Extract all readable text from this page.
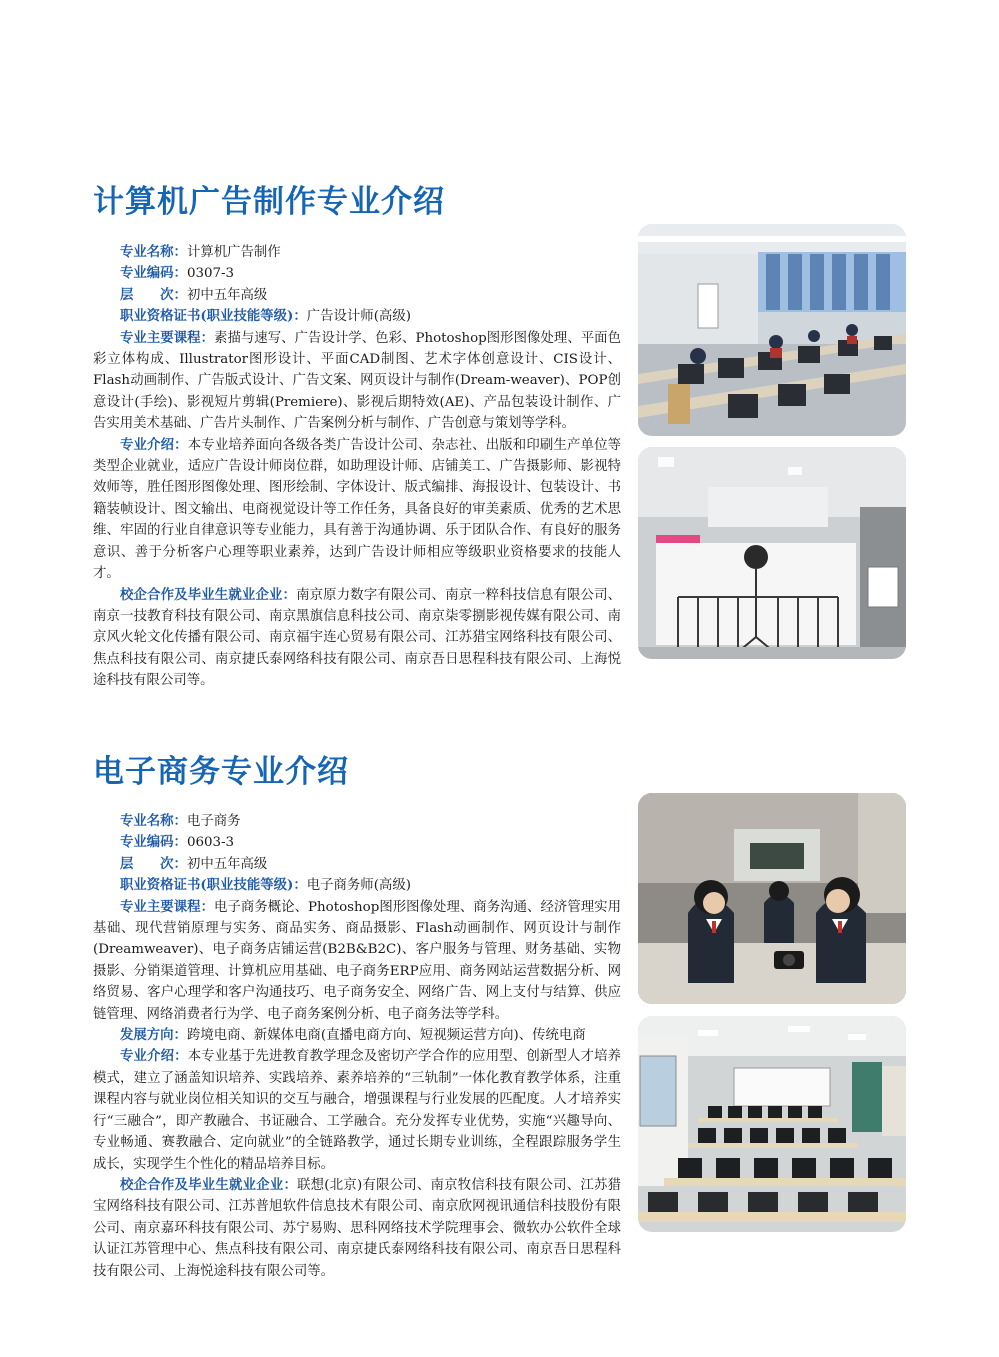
计算机广告制作专业介绍

专业名称：计算机广告制作

专业编码：0307-3

层　　次：初中五年高级

职业资格证书(职业技能等级)：广告设计师(高级)

专业主要课程：素描与速写、广告设计学、色彩、Photoshop图形图像处理、平面色彩立体构成、Illustrator图形设计、平面CAD制图、艺术字体创意设计、CIS设计、Flash动画制作、广告版式设计、广告文案、网页设计与制作(Dream-weaver)、POP创意设计(手绘)、影视短片剪辑(Premiere)、影视后期特效(AE)、产品包装设计制作、广告实用美术基础、广告片头制作、广告案例分析与制作、广告创意与策划等学科。

专业介绍：本专业培养面向各级各类广告设计公司、杂志社、出版和印刷生产单位等类型企业就业，适应广告设计师岗位群，如助理设计师、店铺美工、广告摄影师、影视特效师等，胜任图形图像处理、图形绘制、字体设计、版式编排、海报设计、包装设计、书籍装帧设计、图文输出、电商视觉设计等工作任务，具备良好的审美素质、优秀的艺术思维、牢固的行业自律意识等专业能力，具有善于沟通协调、乐于团队合作、有良好的服务意识、善于分析客户心理等职业素养，达到广告设计师相应等级职业资格要求的技能人才。

校企合作及毕业生就业企业：南京原力数字有限公司、南京一粹科技信息有限公司、南京一技教育科技有限公司、南京黑旗信息科技公司、南京柒零捌影视传媒有限公司、南京风火轮文化传播有限公司、南京福宇连心贸易有限公司、江苏猎宝网络科技有限公司、焦点科技有限公司、南京捷氏泰网络科技有限公司、南京吾日思程科技有限公司、上海悦途科技有限公司等。

电子商务专业介绍

专业名称：电子商务

专业编码：0603-3

层　　次：初中五年高级

职业资格证书(职业技能等级)：电子商务师(高级)

专业主要课程：电子商务概论、Photoshop图形图像处理、商务沟通、经济管理实用基础、现代营销原理与实务、商品实务、商品摄影、Flash动画制作、网页设计与制作(Dreamweaver)、电子商务店铺运营(B2B&B2C)、客户服务与管理、财务基础、实物摄影、分销渠道管理、计算机应用基础、电子商务ERP应用、商务网站运营数据分析、网络贸易、客户心理学和客户沟通技巧、电子商务安全、网络广告、网上支付与结算、供应链管理、网络消费者行为学、电子商务案例分析、电子商务法等学科。

发展方向：跨境电商、新媒体电商(直播电商方向、短视频运营方向)、传统电商

专业介绍：本专业基于先进教育教学理念及密切产学合作的应用型、创新型人才培养模式，建立了涵盖知识培养、实践培养、素养培养的“三轨制”一体化教育教学体系，注重课程内容与就业岗位相关知识的交互与融合，增强课程与行业发展的匹配度。人才培养实行“三融合”，即产教融合、书证融合、工学融合。充分发挥专业优势，实施“兴趣导向、专业畅通、赛教融合、定向就业”的全链路教学，通过长期专业训练，全程跟踪服务学生成长，实现学生个性化的精品培养目标。

校企合作及毕业生就业企业：联想(北京)有限公司、南京牧信科技有限公司、江苏猎宝网络科技有限公司、江苏普旭软件信息技术有限公司、南京欣网视讯通信科技股份有限公司、南京嘉环科技有限公司、苏宁易购、思科网络技术学院理事会、微软办公软件全球认证江苏管理中心、焦点科技有限公司、南京捷氏泰网络科技有限公司、南京吾日思程科技有限公司、上海悦途科技有限公司等。
